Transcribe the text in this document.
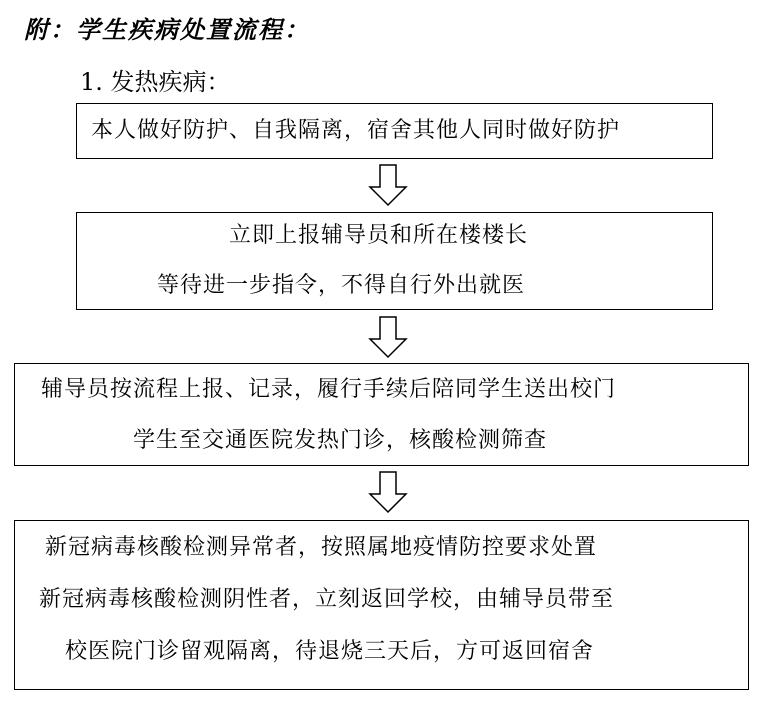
附：学生疾病处置流程：
1. 发热疾病：
本人做好防护、自我隔离，宿舍其他人同时做好防护
立即上报辅导员和所在楼楼长
等待进一步指令，不得自行外出就医
辅导员按流程上报、记录，履行手续后陪同学生送出校门
学生至交通医院发热门诊，核酸检测筛查
新冠病毒核酸检测异常者，按照属地疫情防控要求处置
新冠病毒核酸检测阴性者，立刻返回学校，由辅导员带至
校医院门诊留观隔离，待退烧三天后，方可返回宿舍
